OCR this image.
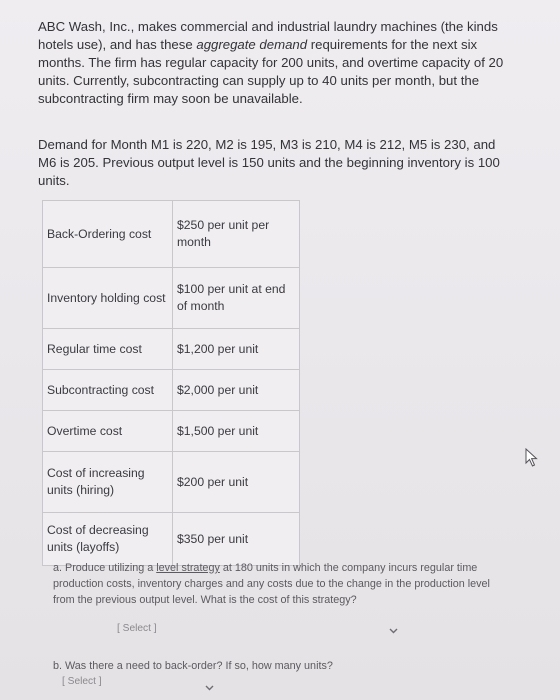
ABC Wash, Inc., makes commercial and industrial laundry machines (the kinds hotels use), and has these aggregate demand requirements for the next six months. The firm has regular capacity for 200 units, and overtime capacity of 20 units. Currently, subcontracting can supply up to 40 units per month, but the subcontracting firm may soon be unavailable.
Demand for Month M1 is 220, M2 is 195, M3 is 210, M4 is 212, M5 is 230, and M6 is 205. Previous output level is 150 units and the beginning inventory is 100 units.
Back-Ordering cost	$250 per unit per month
Inventory holding cost	$100 per unit at end of month
Regular time cost	$1,200 per unit
Subcontracting cost	$2,000 per unit
Overtime cost	$1,500 per unit
Cost of increasing units (hiring)	$200 per unit
Cost of decreasing units (layoffs)	$350 per unit
a. Produce utilizing a level strategy at 180 units in which the company incurs regular time production costs, inventory charges and any costs due to the change in the production level from the previous output level. What is the cost of this strategy?
[ Select ]
b. Was there a need to back-order? If so, how many units?
[ Select ]
